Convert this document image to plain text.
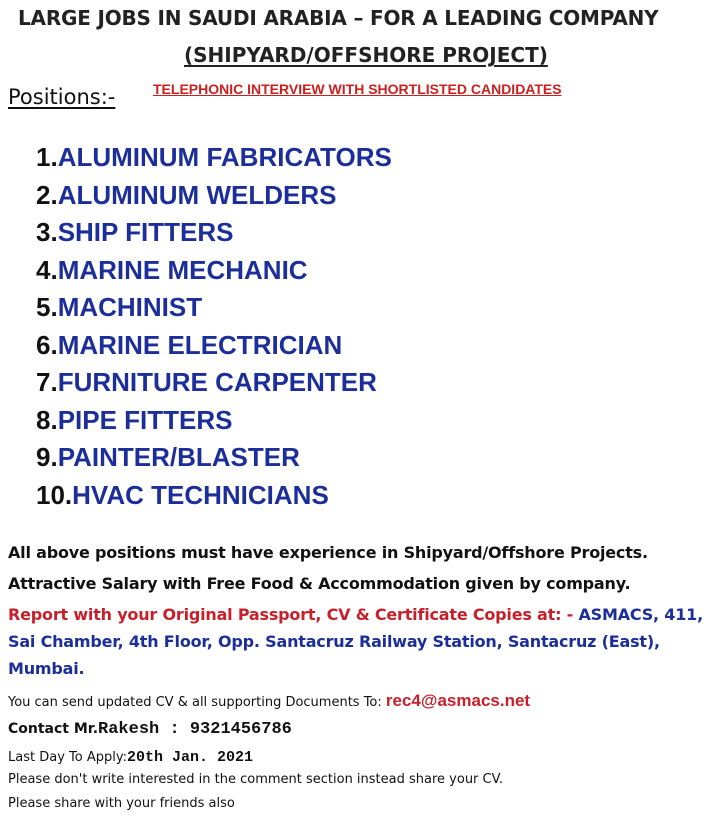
LARGE JOBS IN SAUDI ARABIA – FOR A LEADING COMPANY
(SHIPYARD/OFFSHORE PROJECT)
Positions:-	TELEPHONIC INTERVIEW WITH SHORTLISTED CANDIDATES
1.ALUMINUM FABRICATORS
2.ALUMINUM WELDERS
3.SHIP FITTERS
4.MARINE MECHANIC
5.MACHINIST
6.MARINE ELECTRICIAN
7.FURNITURE CARPENTER
8.PIPE FITTERS
9.PAINTER/BLASTER
10.HVAC TECHNICIANS
All above positions must have experience in Shipyard/Offshore Projects.
Attractive Salary with Free Food & Accommodation given by company.
Report with your Original Passport, CV & Certificate Copies at: - ASMACS, 411,
Sai Chamber, 4th Floor, Opp. Santacruz Railway Station, Santacruz (East),
Mumbai.
You can send updated CV & all supporting Documents To: rec4@asmacs.net
Contact Mr.Rakesh : 9321456786
Last Day To Apply:20th Jan. 2021
Please don't write interested in the comment section instead share your CV.
Please share with your friends also
